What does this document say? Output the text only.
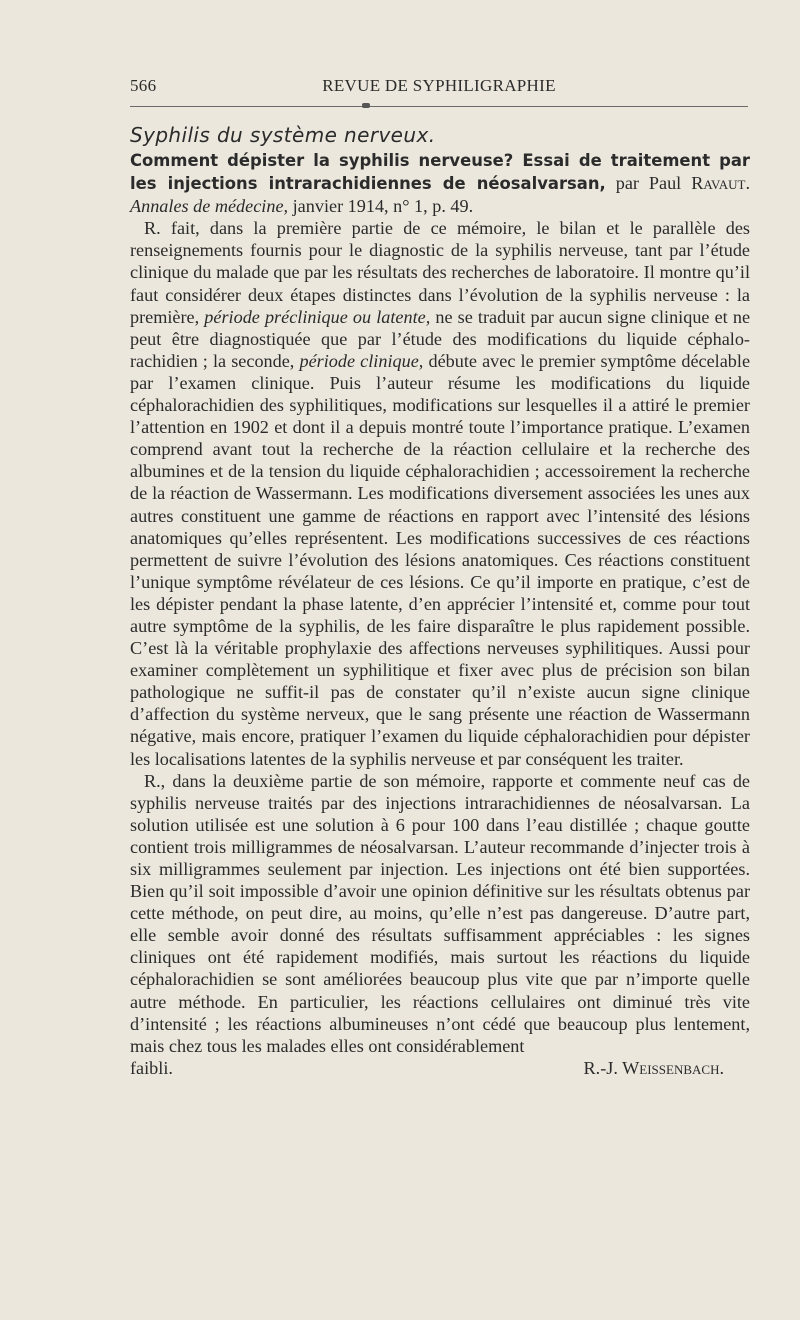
566	REVUE DE SYPHILIGRAPHIE
Syphilis du système nerveux.

Comment dépister la syphilis nerveuse? Essai de traitement par les injections intrarachidiennes de néosalvarsan, par Paul Ravaut. Annales de médecine, janvier 1914, n° 1, p. 49.

R. fait, dans la première partie de ce mémoire, le bilan et le parallèle des renseignements fournis pour le diagnostic de la syphilis nerveuse, tant par l’étude clinique du malade que par les résultats des recherches de laboratoire. Il montre qu’il faut considérer deux étapes distinctes dans l’évolution de la syphilis nerveuse : la première, période préclinique ou latente, ne se traduit par aucun signe clinique et ne peut être diagnostiquée que par l’étude des modifications du liquide céphalo-rachidien ; la seconde, période clinique, débute avec le premier symptôme décelable par l’examen clinique. Puis l’auteur résume les modifications du liquide céphalorachidien des syphilitiques, modifications sur lesquelles il a attiré le premier l’attention en 1902 et dont il a depuis montré toute l’importance pratique. L’examen comprend avant tout la recherche de la réaction cellulaire et la recherche des albumines et de la tension du liquide céphalorachidien ; accessoirement la recherche de la réaction de Wassermann. Les modifications diversement associées les unes aux autres constituent une gamme de réactions en rapport avec l’intensité des lésions anatomiques qu’elles représentent. Les modifications successives de ces réactions permettent de suivre l’évolution des lésions anatomiques. Ces réactions constituent l’unique symptôme révélateur de ces lésions. Ce qu’il importe en pratique, c’est de les dépister pendant la phase latente, d’en apprécier l’intensité et, comme pour tout autre symptôme de la syphilis, de les faire disparaître le plus rapidement possible. C’est là la véritable prophylaxie des affections nerveuses syphilitiques. Aussi pour examiner complètement un syphilitique et fixer avec plus de précision son bilan pathologique ne suffit-il pas de constater qu’il n’existe aucun signe clinique d’affection du système nerveux, que le sang présente une réaction de Wassermann négative, mais encore, pratiquer l’examen du liquide céphalorachidien pour dépister les localisations latentes de la syphilis nerveuse et par conséquent les traiter.

R., dans la deuxième partie de son mémoire, rapporte et commente neuf cas de syphilis nerveuse traités par des injections intrarachidiennes de néosalvarsan. La solution utilisée est une solution à 6 pour 100 dans l’eau distillée ; chaque goutte contient trois milligrammes de néosalvarsan. L’auteur recommande d’injecter trois à six milligrammes seulement par injection. Les injections ont été bien supportées. Bien qu’il soit impossible d’avoir une opinion définitive sur les résultats obtenus par cette méthode, on peut dire, au moins, qu’elle n’est pas dangereuse. D’autre part, elle semble avoir donné des résultats suffisamment appréciables : les signes cliniques ont été rapidement modifiés, mais surtout les réactions du liquide céphalorachidien se sont améliorées beaucoup plus vite que par n’importe quelle autre méthode. En particulier, les réactions cellulaires ont diminué très vite d’intensité ; les réactions albumineuses n’ont cédé que beaucoup plus lentement, mais chez tous les malades elles ont considérablement

faibli.	R.-J. Weissenbach.
